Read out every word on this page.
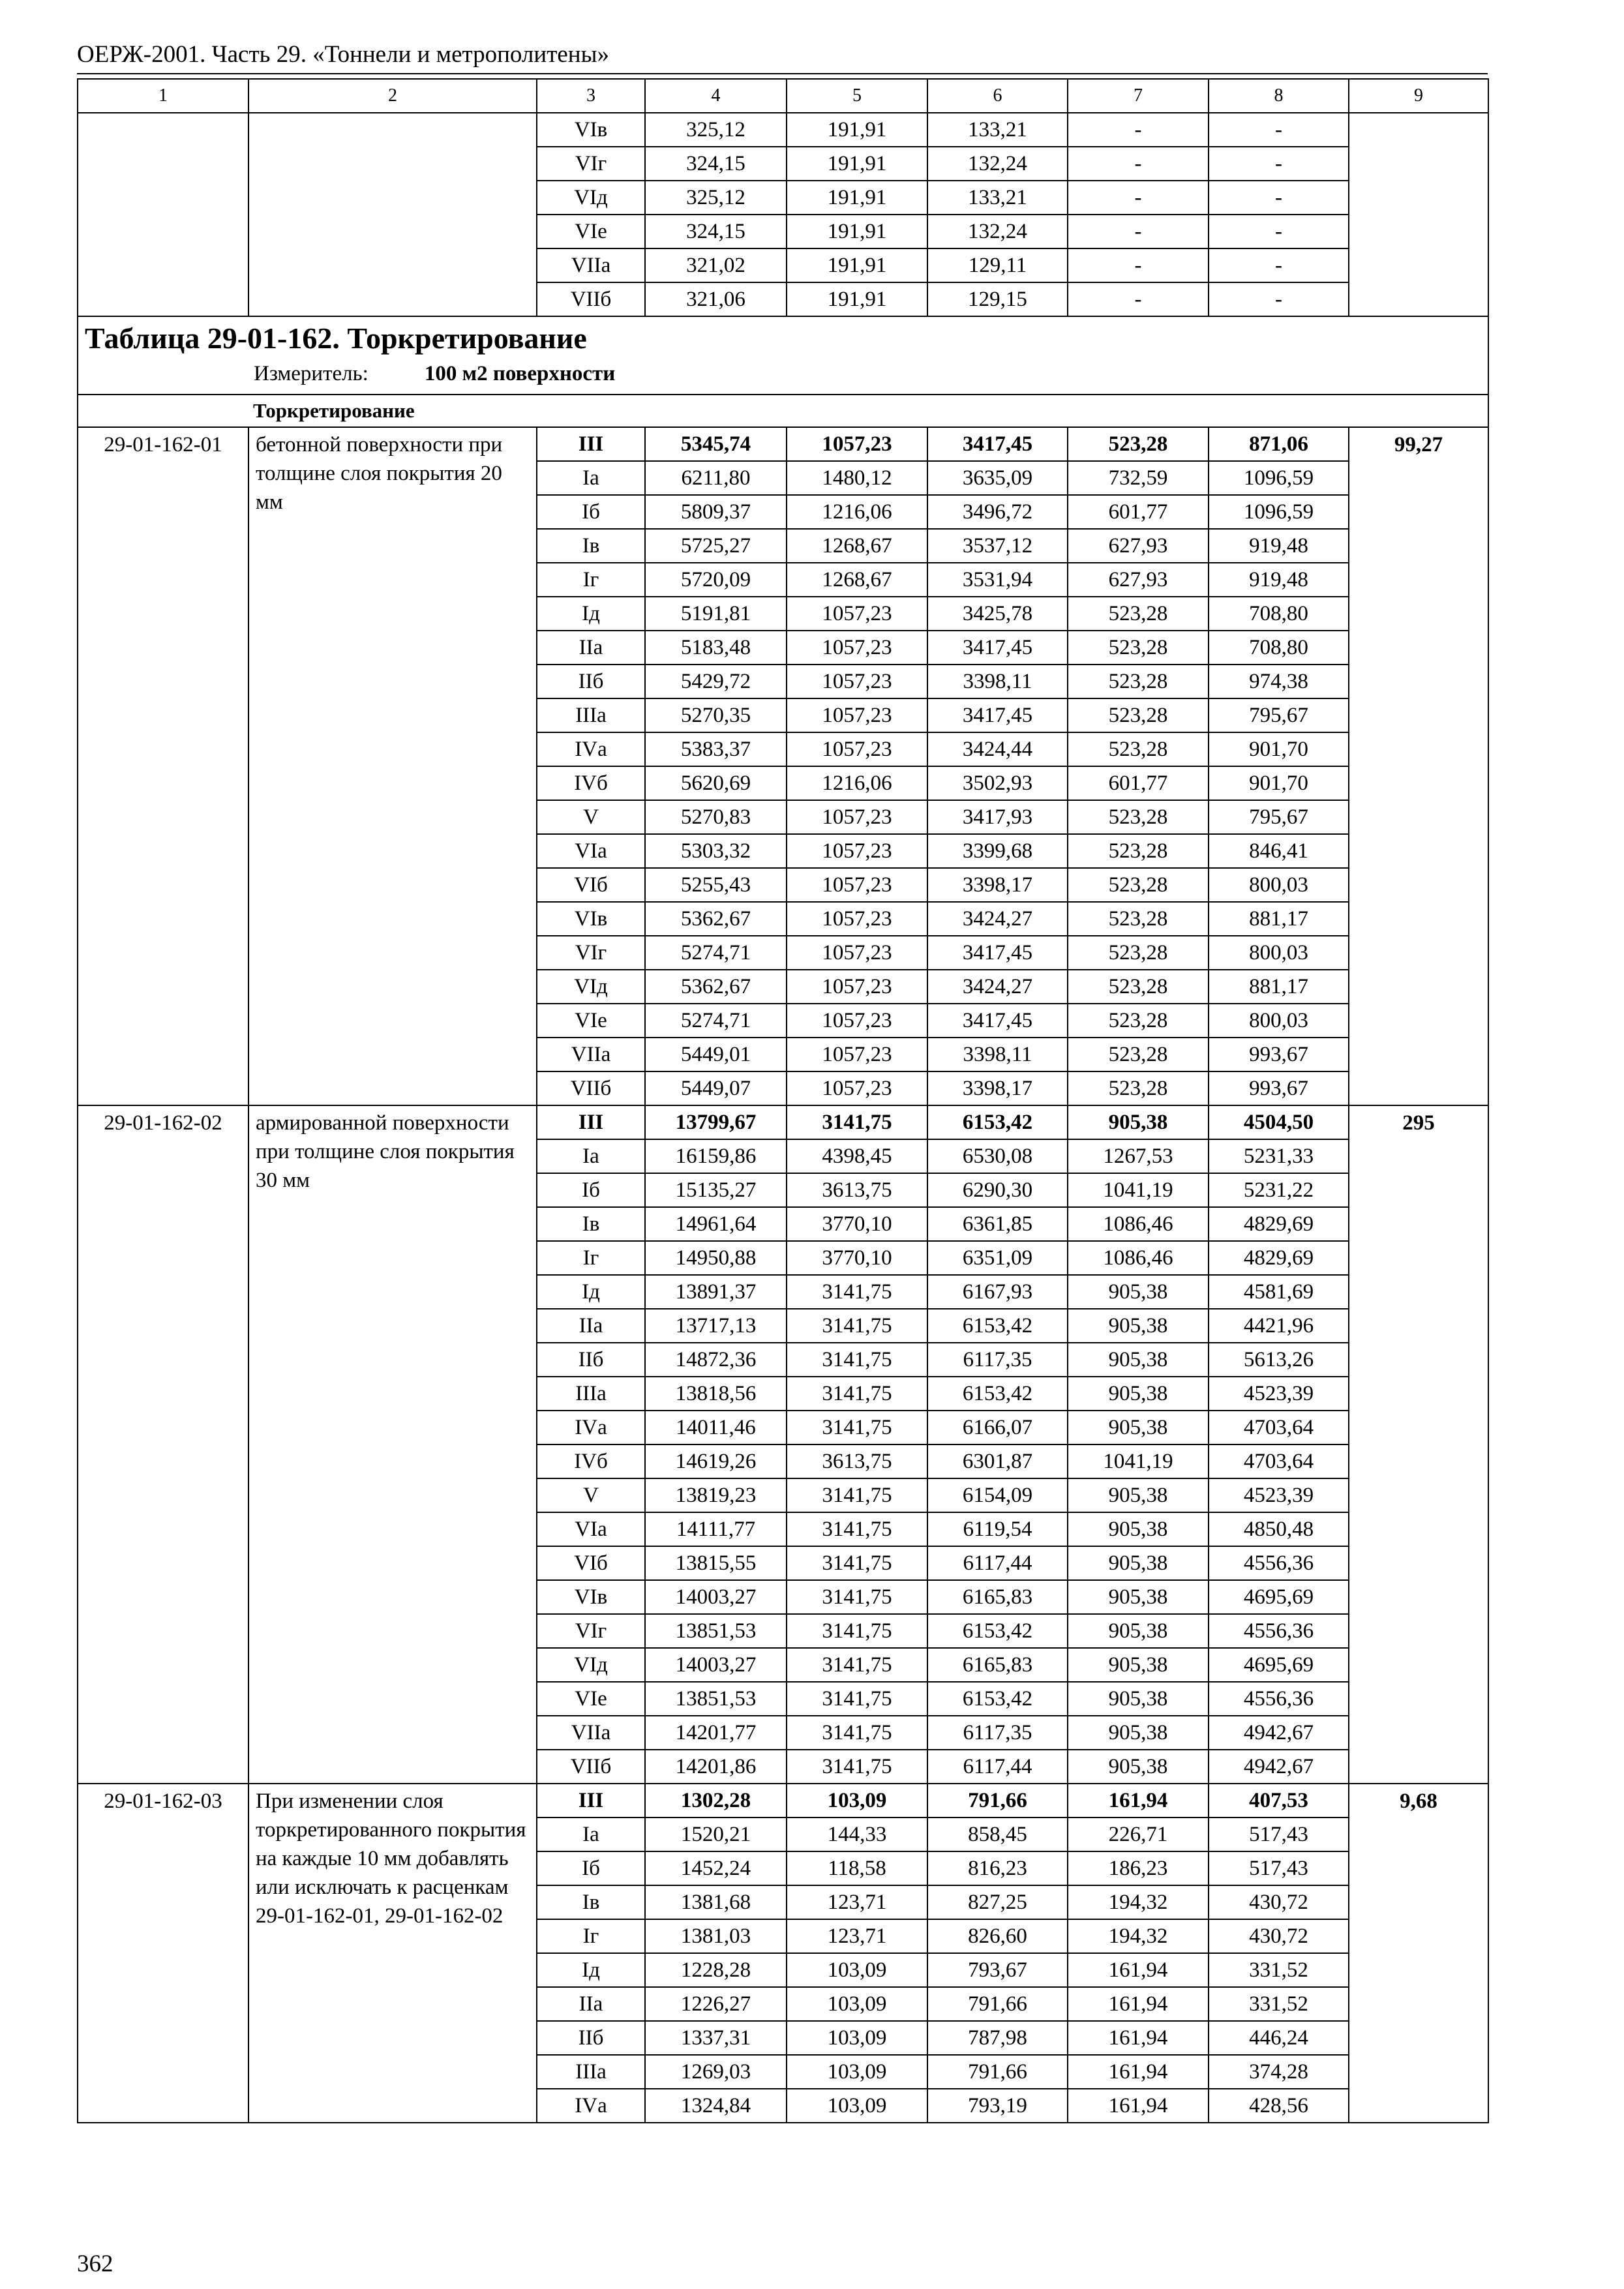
ОЕРЖ-2001. Часть 29. «Тоннели и метрополитены»
1	2	3	4	5	6	7	8	9
		VIв	325,12	191,91	133,21	-	-	
		VIг	324,15	191,91	132,24	-	-	
		VIд	325,12	191,91	133,21	-	-	
		VIе	324,15	191,91	132,24	-	-	
		VIIа	321,02	191,91	129,11	-	-	
		VIIб	321,06	191,91	129,15	-	-	

Таблица 29-01-162. Торкретирование
Измеритель: 100 м2 поверхности								

Торкретирование								
29-01-162-01	бетонной поверхности при толщине слоя покрытия 20 мм	III	5345,74	1057,23	3417,45	523,28	871,06	99,27
		Iа	6211,80	1480,12	3635,09	732,59	1096,59	
		Iб	5809,37	1216,06	3496,72	601,77	1096,59	
		Iв	5725,27	1268,67	3537,12	627,93	919,48	
		Iг	5720,09	1268,67	3531,94	627,93	919,48	
		Iд	5191,81	1057,23	3425,78	523,28	708,80	
		IIа	5183,48	1057,23	3417,45	523,28	708,80	
		IIб	5429,72	1057,23	3398,11	523,28	974,38	
		IIIа	5270,35	1057,23	3417,45	523,28	795,67	
		IVа	5383,37	1057,23	3424,44	523,28	901,70	
		IVб	5620,69	1216,06	3502,93	601,77	901,70	
		V	5270,83	1057,23	3417,93	523,28	795,67	
		VIа	5303,32	1057,23	3399,68	523,28	846,41	
		VIб	5255,43	1057,23	3398,17	523,28	800,03	
		VIв	5362,67	1057,23	3424,27	523,28	881,17	
		VIг	5274,71	1057,23	3417,45	523,28	800,03	
		VIд	5362,67	1057,23	3424,27	523,28	881,17	
		VIе	5274,71	1057,23	3417,45	523,28	800,03	
		VIIа	5449,01	1057,23	3398,11	523,28	993,67	
		VIIб	5449,07	1057,23	3398,17	523,28	993,67	
29-01-162-02	армированной поверхности при толщине слоя покрытия 30 мм	III	13799,67	3141,75	6153,42	905,38	4504,50	295
		Iа	16159,86	4398,45	6530,08	1267,53	5231,33	
		Iб	15135,27	3613,75	6290,30	1041,19	5231,22	
		Iв	14961,64	3770,10	6361,85	1086,46	4829,69	
		Iг	14950,88	3770,10	6351,09	1086,46	4829,69	
		Iд	13891,37	3141,75	6167,93	905,38	4581,69	
		IIа	13717,13	3141,75	6153,42	905,38	4421,96	
		IIб	14872,36	3141,75	6117,35	905,38	5613,26	
		IIIа	13818,56	3141,75	6153,42	905,38	4523,39	
		IVа	14011,46	3141,75	6166,07	905,38	4703,64	
		IVб	14619,26	3613,75	6301,87	1041,19	4703,64	
		V	13819,23	3141,75	6154,09	905,38	4523,39	
		VIа	14111,77	3141,75	6119,54	905,38	4850,48	
		VIб	13815,55	3141,75	6117,44	905,38	4556,36	
		VIв	14003,27	3141,75	6165,83	905,38	4695,69	
		VIг	13851,53	3141,75	6153,42	905,38	4556,36	
		VIд	14003,27	3141,75	6165,83	905,38	4695,69	
		VIе	13851,53	3141,75	6153,42	905,38	4556,36	
		VIIа	14201,77	3141,75	6117,35	905,38	4942,67	
		VIIб	14201,86	3141,75	6117,44	905,38	4942,67	
29-01-162-03	При изменении слоя торкретированного покрытия на каждые 10 мм добавлять или исключать к расценкам 29-01-162-01, 29-01-162-02	III	1302,28	103,09	791,66	161,94	407,53	9,68
		Iа	1520,21	144,33	858,45	226,71	517,43	
		Iб	1452,24	118,58	816,23	186,23	517,43	
		Iв	1381,68	123,71	827,25	194,32	430,72	
		Iг	1381,03	123,71	826,60	194,32	430,72	
		Iд	1228,28	103,09	793,67	161,94	331,52	
		IIа	1226,27	103,09	791,66	161,94	331,52	
		IIб	1337,31	103,09	787,98	161,94	446,24	
		IIIа	1269,03	103,09	791,66	161,94	374,28	
		IVа	1324,84	103,09	793,19	161,94	428,56	
362
